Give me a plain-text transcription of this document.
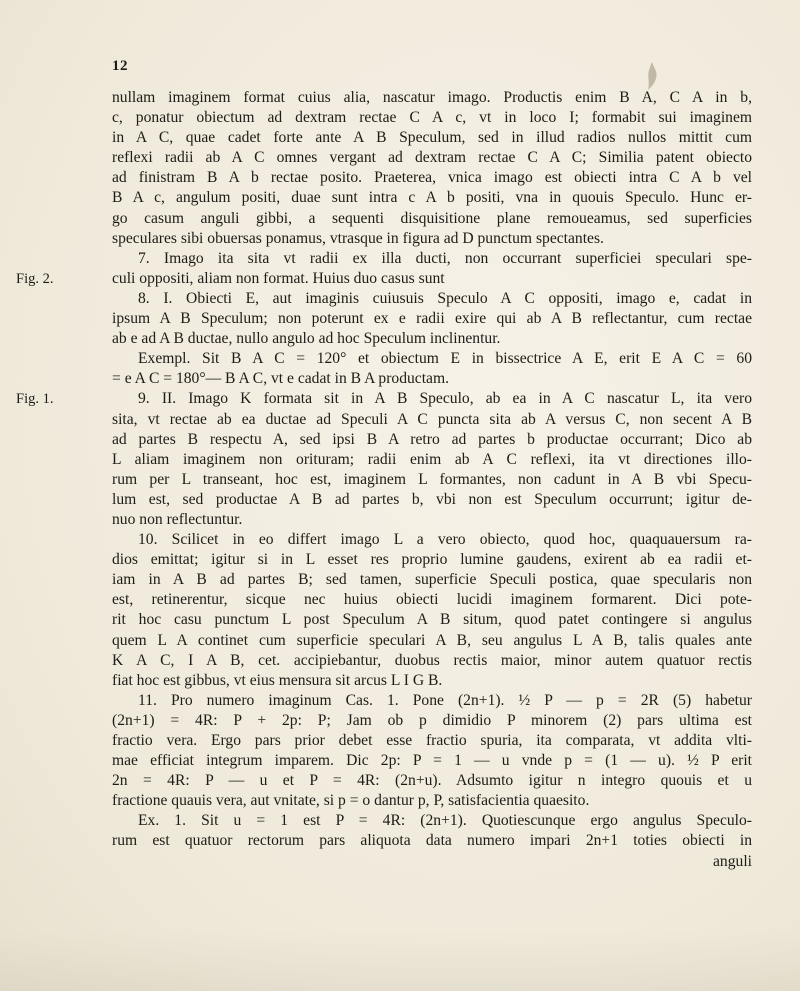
12
nullam imaginem format cuius alia, nascatur imago. Productis enim B A, C A in b,
c, ponatur obiectum ad dextram rectae C A c, vt in loco I; formabit sui imaginem
in A C, quae cadet forte ante A B Speculum, sed in illud radios nullos mittit cum
reflexi radii ab A C omnes vergant ad dextram rectae C A C; Similia patent obiecto
ad finistram B A b rectae posito. Praeterea, vnica imago est obiecti intra C A b vel
B A c, angulum positi, duae sunt intra c A b positi, vna in quouis Speculo. Hunc er-
go casum anguli gibbi, a sequenti disquisitione plane remoueamus, sed superficies
speculares sibi obuersas ponamus, vtrasque in figura ad D punctum spectantes.
7. Imago ita sita vt radii ex illa ducti, non occurrant superficiei speculari spe-
culi oppositi, aliam non format. Huius duo casus sunt
Fig. 2.
8. I. Obiecti E, aut imaginis cuiusuis Speculo A C oppositi, imago e, cadat in
ipsum A B Speculum; non poterunt ex e radii exire qui ab A B reflectantur, cum rectae
ab e ad A B ductae, nullo angulo ad hoc Speculum inclinentur.
Exempl. Sit B A C = 120° et obiectum E in bissectrice A E, erit E A C = 60
= e A C = 180°— B A C, vt e cadat in B A productam.
9. II. Imago K formata sit in A B Speculo, ab ea in A C nascatur L, ita vero
Fig. 1.
sita, vt rectae ab ea ductae ad Speculi A C puncta sita ab A versus C, non secent A B
ad partes B respectu A, sed ipsi B A retro ad partes b productae occurrant; Dico ab
L aliam imaginem non orituram; radii enim ab A C reflexi, ita vt directiones illo-
rum per L transeant, hoc est, imaginem L formantes, non cadunt in A B vbi Specu-
lum est, sed productae A B ad partes b, vbi non est Speculum occurrunt; igitur de-
nuo non reflectuntur.
10. Scilicet in eo differt imago L a vero obiecto, quod hoc, quaquauersum ra-
dios emittat; igitur si in L esset res proprio lumine gaudens, exirent ab ea radii et-
iam in A B ad partes B; sed tamen, superficie Speculi postica, quae specularis non
est, retinerentur, sicque nec huius obiecti lucidi imaginem formarent. Dici pote-
rit hoc casu punctum L post Speculum A B situm, quod patet contingere si angulus
quem L A continet cum superficie speculari A B, seu angulus L A B, talis quales ante
K A C, I A B, cet. accipiebantur, duobus rectis maior, minor autem quatuor rectis
fiat hoc est gibbus, vt eius mensura sit arcus L I G B.
11. Pro numero imaginum Cas. 1. Pone (2n+1). ½ P — p = 2R (5) habetur
(2n+1) = 4R: P + 2p: P; Jam ob p dimidio P minorem (2) pars ultima est
fractio vera. Ergo pars prior debet esse fractio spuria, ita comparata, vt addita vlti-
mae efficiat integrum imparem. Dic 2p: P = 1 — u vnde p = (1 — u). ½ P erit
2n = 4R: P — u et P = 4R: (2n+u). Adsumto igitur n integro quouis et u
fractione quauis vera, aut vnitate, si p = o dantur p, P, satisfacientia quaesito.
Ex. 1. Sit u = 1 est P = 4R: (2n+1). Quotiescunque ergo angulus Speculo-
rum est quatuor rectorum pars aliquota data numero impari 2n+1 toties obiecti in
anguli
